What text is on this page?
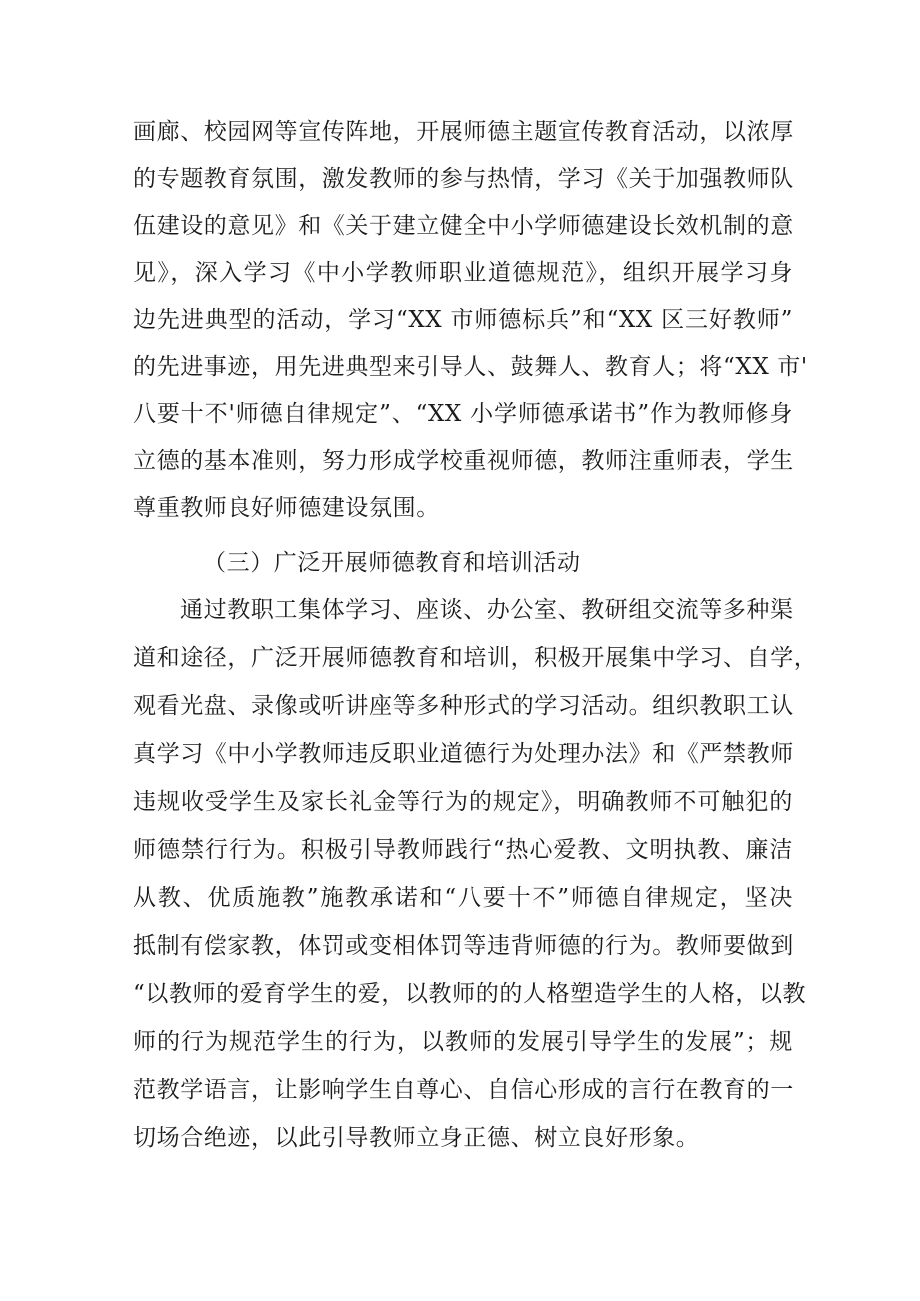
画廊、校园网等宣传阵地，开展师德主题宣传教育活动，以浓厚
的专题教育氛围，激发教师的参与热情，学习《关于加强教师队
伍建设的意见》和《关于建立健全中小学师德建设长效机制的意
见》，深入学习《中小学教师职业道德规范》，组织开展学习身
边先进典型的活动，学习“XX 市师德标兵”和“XX 区三好教师”
的先进事迹，用先进典型来引导人、鼓舞人、教育人；将“XX 市'
八要十不'师德自律规定”、“XX 小学师德承诺书”作为教师修身
立德的基本准则，努力形成学校重视师德，教师注重师表，学生
尊重教师良好师德建设氛围。
（三）广泛开展师德教育和培训活动
通过教职工集体学习、座谈、办公室、教研组交流等多种渠
道和途径，广泛开展师德教育和培训，积极开展集中学习、自学，
观看光盘、录像或听讲座等多种形式的学习活动。组织教职工认
真学习《中小学教师违反职业道德行为处理办法》和《严禁教师
违规收受学生及家长礼金等行为的规定》，明确教师不可触犯的
师德禁行行为。积极引导教师践行“热心爱教、文明执教、廉洁
从教、优质施教”施教承诺和“八要十不”师德自律规定，坚决
抵制有偿家教，体罚或变相体罚等违背师德的行为。教师要做到
“以教师的爱育学生的爱，以教师的的人格塑造学生的人格，以教
师的行为规范学生的行为，以教师的发展引导学生的发展”；规
范教学语言，让影响学生自尊心、自信心形成的言行在教育的一
切场合绝迹，以此引导教师立身正德、树立良好形象。
